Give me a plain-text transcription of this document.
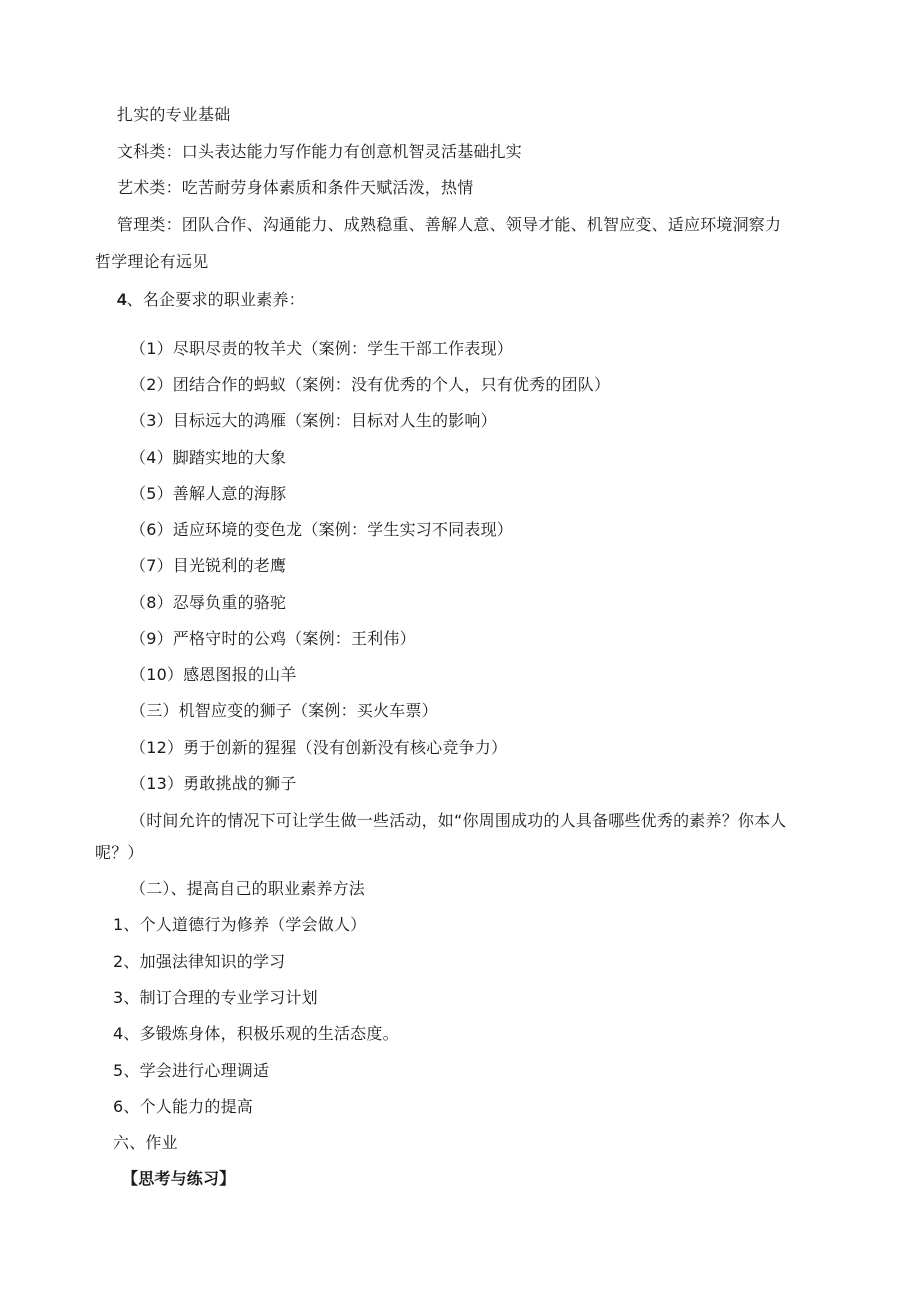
扎实的专业基础
文科类：口头表达能力写作能力有创意机智灵活基础扎实
艺术类：吃苦耐劳身体素质和条件天赋活泼，热情
管理类：团队合作、沟通能力、成熟稳重、善解人意、领导才能、机智应变、适应环境洞察力
哲学理论有远见
4、名企要求的职业素养：
（1）尽职尽责的牧羊犬（案例：学生干部工作表现）
（2）团结合作的蚂蚁（案例：没有优秀的个人，只有优秀的团队）
（3）目标远大的鸿雁（案例：目标对人生的影响）
（4）脚踏实地的大象
（5）善解人意的海豚
（6）适应环境的变色龙（案例：学生实习不同表现）
（7）目光锐利的老鹰
（8）忍辱负重的骆驼
（9）严格守时的公鸡（案例：王利伟）
（10）感恩图报的山羊
（三）机智应变的狮子（案例：买火车票）
（12）勇于创新的猩猩（没有创新没有核心竞争力）
（13）勇敢挑战的狮子
（时间允许的情况下可让学生做一些活动，如“你周围成功的人具备哪些优秀的素养？你本人
呢？）
（二）、提高自己的职业素养方法
1、个人道德行为修养（学会做人）
2、加强法律知识的学习
3、制订合理的专业学习计划
4、多锻炼身体，积极乐观的生活态度。
5、学会进行心理调适
6、个人能力的提高
六、作业
【思考与练习】
